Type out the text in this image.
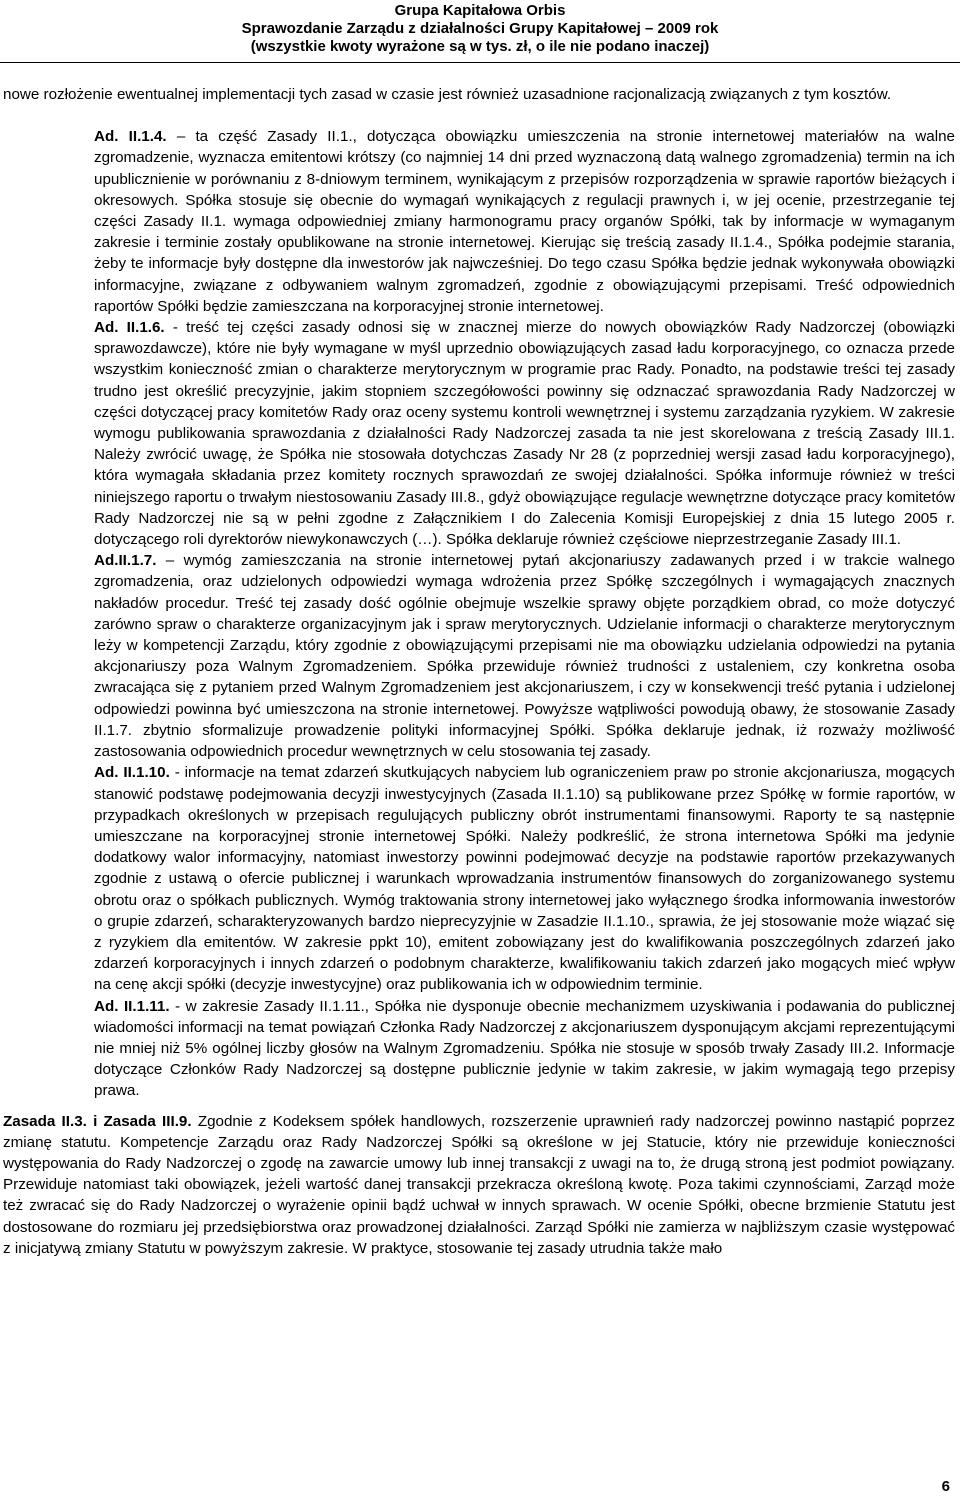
Grupa Kapitałowa Orbis
Sprawozdanie Zarządu z działalności Grupy Kapitałowej – 2009 rok
(wszystkie kwoty wyrażone są w tys. zł, o ile nie podano inaczej)

nowe rozłożenie ewentualnej implementacji tych zasad w czasie jest również uzasadnione racjonalizacją związanych z tym kosztów.

Ad. II.1.4. – ta część Zasady II.1., dotycząca obowiązku umieszczenia na stronie internetowej materiałów na walne zgromadzenie, wyznacza emitentowi krótszy (co najmniej 14 dni przed wyznaczoną datą walnego zgromadzenia) termin na ich upublicznienie w porównaniu z 8-dniowym terminem, wynikającym z przepisów rozporządzenia w sprawie raportów bieżących i okresowych. Spółka stosuje się obecnie do wymagań wynikających z regulacji prawnych i, w jej ocenie, przestrzeganie tej części Zasady II.1. wymaga odpowiedniej zmiany harmonogramu pracy organów Spółki, tak by informacje w wymaganym zakresie i terminie zostały opublikowane na stronie internetowej. Kierując się treścią zasady II.1.4., Spółka podejmie starania, żeby te informacje były dostępne dla inwestorów jak najwcześniej. Do tego czasu Spółka będzie jednak wykonywała obowiązki informacyjne, związane z odbywaniem walnym zgromadzeń, zgodnie z obowiązującymi przepisami. Treść odpowiednich raportów Spółki będzie zamieszczana na korporacyjnej stronie internetowej.

Ad. II.1.6. - treść tej części zasady odnosi się w znacznej mierze do nowych obowiązków Rady Nadzorczej (obowiązki sprawozdawcze), które nie były wymagane w myśl uprzednio obowiązujących zasad ładu korporacyjnego, co oznacza przede wszystkim konieczność zmian o charakterze merytorycznym w programie prac Rady. Ponadto, na podstawie treści tej zasady trudno jest określić precyzyjnie, jakim stopniem szczegółowości powinny się odznaczać sprawozdania Rady Nadzorczej w części dotyczącej pracy komitetów Rady oraz oceny systemu kontroli wewnętrznej i systemu zarządzania ryzykiem. W zakresie wymogu publikowania sprawozdania z działalności Rady Nadzorczej zasada ta nie jest skorelowana z treścią Zasady III.1. Należy zwrócić uwagę, że Spółka nie stosowała dotychczas Zasady Nr 28 (z poprzedniej wersji zasad ładu korporacyjnego), która wymagała składania przez komitety rocznych sprawozdań ze swojej działalności. Spółka informuje również w treści niniejszego raportu o trwałym niestosowaniu Zasady III.8., gdyż obowiązujące regulacje wewnętrzne dotyczące pracy komitetów Rady Nadzorczej nie są w pełni zgodne z Załącznikiem I do Zalecenia Komisji Europejskiej z dnia 15 lutego 2005 r. dotyczącego roli dyrektorów niewykonawczych (…). Spółka deklaruje również częściowe nieprzestrzeganie Zasady III.1.

Ad.II.1.7. – wymóg zamieszczania na stronie internetowej pytań akcjonariuszy zadawanych przed i w trakcie walnego zgromadzenia, oraz udzielonych odpowiedzi wymaga wdrożenia przez Spółkę szczególnych i wymagających znacznych nakładów procedur. Treść tej zasady dość ogólnie obejmuje wszelkie sprawy objęte porządkiem obrad, co może dotyczyć zarówno spraw o charakterze organizacyjnym jak i spraw merytorycznych. Udzielanie informacji o charakterze merytorycznym leży w kompetencji Zarządu, który zgodnie z obowiązującymi przepisami nie ma obowiązku udzielania odpowiedzi na pytania akcjonariuszy poza Walnym Zgromadzeniem. Spółka przewiduje również trudności z ustaleniem, czy konkretna osoba zwracająca się z pytaniem przed Walnym Zgromadzeniem jest akcjonariuszem, i czy w konsekwencji treść pytania i udzielonej odpowiedzi powinna być umieszczona na stronie internetowej. Powyższe wątpliwości powodują obawy, że stosowanie Zasady II.1.7. zbytnio sformalizuje prowadzenie polityki informacyjnej Spółki. Spółka deklaruje jednak, iż rozważy możliwość zastosowania odpowiednich procedur wewnętrznych w celu stosowania tej zasady.

Ad. II.1.10. - informacje na temat zdarzeń skutkujących nabyciem lub ograniczeniem praw po stronie akcjonariusza, mogących stanowić podstawę podejmowania decyzji inwestycyjnych (Zasada II.1.10) są publikowane przez Spółkę w formie raportów, w przypadkach określonych w przepisach regulujących publiczny obrót instrumentami finansowymi. Raporty te są następnie umieszczane na korporacyjnej stronie internetowej Spółki. Należy podkreślić, że strona internetowa Spółki ma jedynie dodatkowy walor informacyjny, natomiast inwestorzy powinni podejmować decyzje na podstawie raportów przekazywanych zgodnie z ustawą o ofercie publicznej i warunkach wprowadzania instrumentów finansowych do zorganizowanego systemu obrotu oraz o spółkach publicznych. Wymóg traktowania strony internetowej jako wyłącznego środka informowania inwestorów o grupie zdarzeń, scharakteryzowanych bardzo nieprecyzyjnie w Zasadzie II.1.10., sprawia, że jej stosowanie może wiązać się z ryzykiem dla emitentów. W zakresie ppkt 10), emitent zobowiązany jest do kwalifikowania poszczególnych zdarzeń jako zdarzeń korporacyjnych i innych zdarzeń o podobnym charakterze, kwalifikowaniu takich zdarzeń jako mogących mieć wpływ na cenę akcji spółki (decyzje inwestycyjne) oraz publikowania ich w odpowiednim terminie.

Ad. II.1.11. - w zakresie Zasady II.1.11., Spółka nie dysponuje obecnie mechanizmem uzyskiwania i podawania do publicznej wiadomości informacji na temat powiązań Członka Rady Nadzorczej z akcjonariuszem dysponującym akcjami reprezentującymi nie mniej niż 5% ogólnej liczby głosów na Walnym Zgromadzeniu. Spółka nie stosuje w sposób trwały Zasady III.2. Informacje dotyczące Członków Rady Nadzorczej są dostępne publicznie jedynie w takim zakresie, w jakim wymagają tego przepisy prawa.

Zasada II.3. i Zasada III.9. Zgodnie z Kodeksem spółek handlowych, rozszerzenie uprawnień rady nadzorczej powinno nastąpić poprzez zmianę statutu. Kompetencje Zarządu oraz Rady Nadzorczej Spółki są określone w jej Statucie, który nie przewiduje konieczności występowania do Rady Nadzorczej o zgodę na zawarcie umowy lub innej transakcji z uwagi na to, że drugą stroną jest podmiot powiązany. Przewiduje natomiast taki obowiązek, jeżeli wartość danej transakcji przekracza określoną kwotę. Poza takimi czynnościami, Zarząd może też zwracać się do Rady Nadzorczej o wyrażenie opinii bądź uchwał w innych sprawach. W ocenie Spółki, obecne brzmienie Statutu jest dostosowane do rozmiaru jej przedsiębiorstwa oraz prowadzonej działalności. Zarząd Spółki nie zamierza w najbliższym czasie występować z inicjatywą zmiany Statutu w powyższym zakresie. W praktyce, stosowanie tej zasady utrudnia także mało

6
